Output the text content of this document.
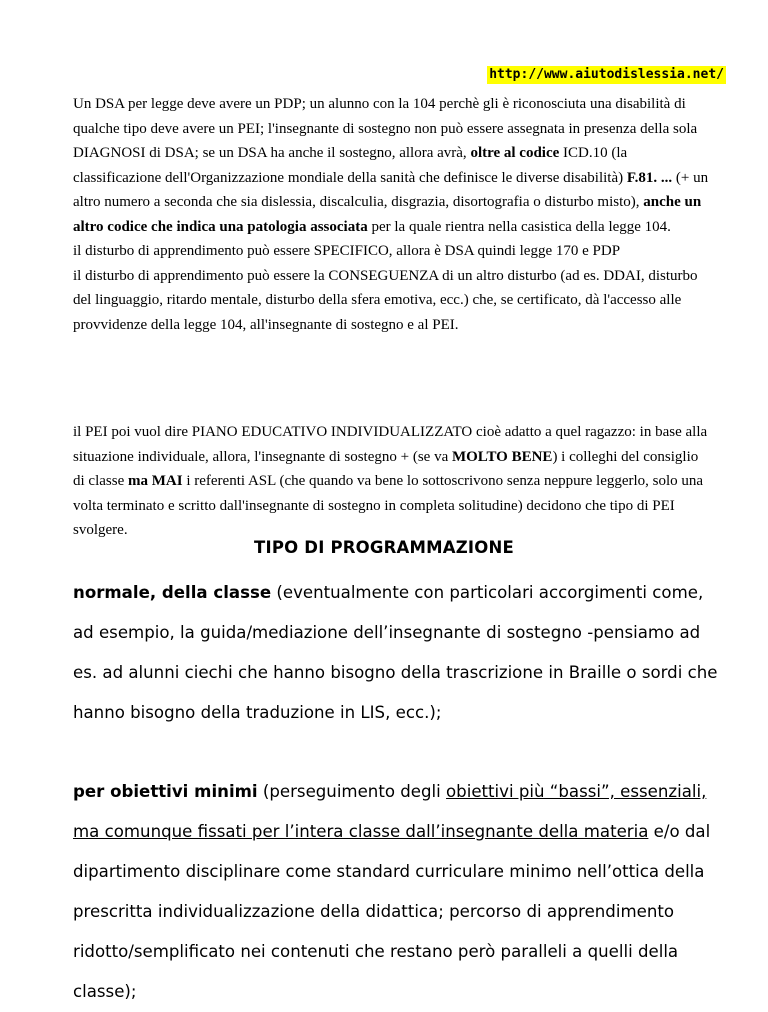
http://www.aiutodislessia.net/

Un DSA per legge deve avere un PDP; un alunno con la 104 perchè gli è riconosciuta una disabilità di qualche tipo deve avere un PEI; l'insegnante di sostegno non può essere assegnata in presenza della sola DIAGNOSI di DSA; se un DSA ha anche il sostegno, allora avrà, oltre al codice ICD.10 (la classificazione dell'Organizzazione mondiale della sanità che definisce le diverse disabilità) F.81. ... (+ un altro numero a seconda che sia dislessia, discalculia, disgrazia, disortografia o disturbo misto), anche un altro codice che indica una patologia associata per la quale rientra nella casistica della legge 104.

il disturbo di apprendimento può essere SPECIFICO, allora è DSA quindi legge 170 e PDP

il disturbo di apprendimento può essere la CONSEGUENZA di un altro disturbo (ad es. DDAI, disturbo del linguaggio, ritardo mentale, disturbo della sfera emotiva, ecc.) che, se certificato, dà l'accesso alle provvidenze della legge 104, all'insegnante di sostegno e al PEI.

il PEI poi vuol dire PIANO EDUCATIVO INDIVIDUALIZZATO cioè adatto a quel ragazzo: in base alla situazione individuale, allora, l'insegnante di sostegno + (se va MOLTO BENE) i colleghi del consiglio di classe ma MAI i referenti ASL (che quando va bene lo sottoscrivono senza neppure leggerlo, solo una volta terminato e scritto dall'insegnante di sostegno in completa solitudine) decidono che tipo di PEI svolgere.

TIPO DI PROGRAMMAZIONE

normale, della classe (eventualmente con particolari accorgimenti come, ad esempio, la guida/mediazione dell’insegnante di sostegno -pensiamo ad es. ad alunni ciechi che hanno bisogno della trascrizione in Braille o sordi che hanno bisogno della traduzione in LIS, ecc.);

per obiettivi minimi (perseguimento degli obiettivi più “bassi”, essenziali, ma comunque fissati per l’intera classe dall’insegnante della materia e/o dal dipartimento disciplinare come standard curriculare minimo nell’ottica della prescritta individualizzazione della didattica; percorso di apprendimento ridotto/semplificato nei contenuti che restano però paralleli a quelli della classe);
